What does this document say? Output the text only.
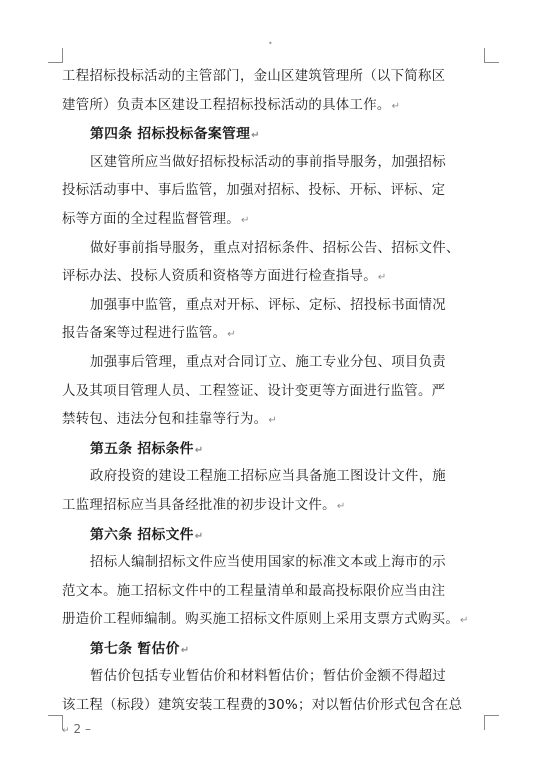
•
工程招标投标活动的主管部门，金山区建筑管理所（以下简称区
建管所）负责本区建设工程招标投标活动的具体工作。↵
第四条 招标投标备案管理↵
区建管所应当做好招标投标活动的事前指导服务，加强招标
投标活动事中、事后监管，加强对招标、投标、开标、评标、定
标等方面的全过程监督管理。↵
做好事前指导服务，重点对招标条件、招标公告、招标文件、
评标办法、投标人资质和资格等方面进行检查指导。↵
加强事中监管，重点对开标、评标、定标、招投标书面情况
报告备案等过程进行监管。↵
加强事后管理，重点对合同订立、施工专业分包、项目负责
人及其项目管理人员、工程签证、设计变更等方面进行监管。严
禁转包、违法分包和挂靠等行为。↵
第五条 招标条件↵
政府投资的建设工程施工招标应当具备施工图设计文件，施
工监理招标应当具备经批准的初步设计文件。↵
第六条 招标文件↵
招标人编制招标文件应当使用国家的标准文本或上海市的示
范文本。施工招标文件中的工程量清单和最高投标限价应当由注
册造价工程师编制。购买施工招标文件原则上采用支票方式购买。↵
第七条 暂估价↵
暂估价包括专业暂估价和材料暂估价；暂估价金额不得超过
该工程（标段）建筑安装工程费的30%；对以暂估价形式包含在总
↵ 2 –
